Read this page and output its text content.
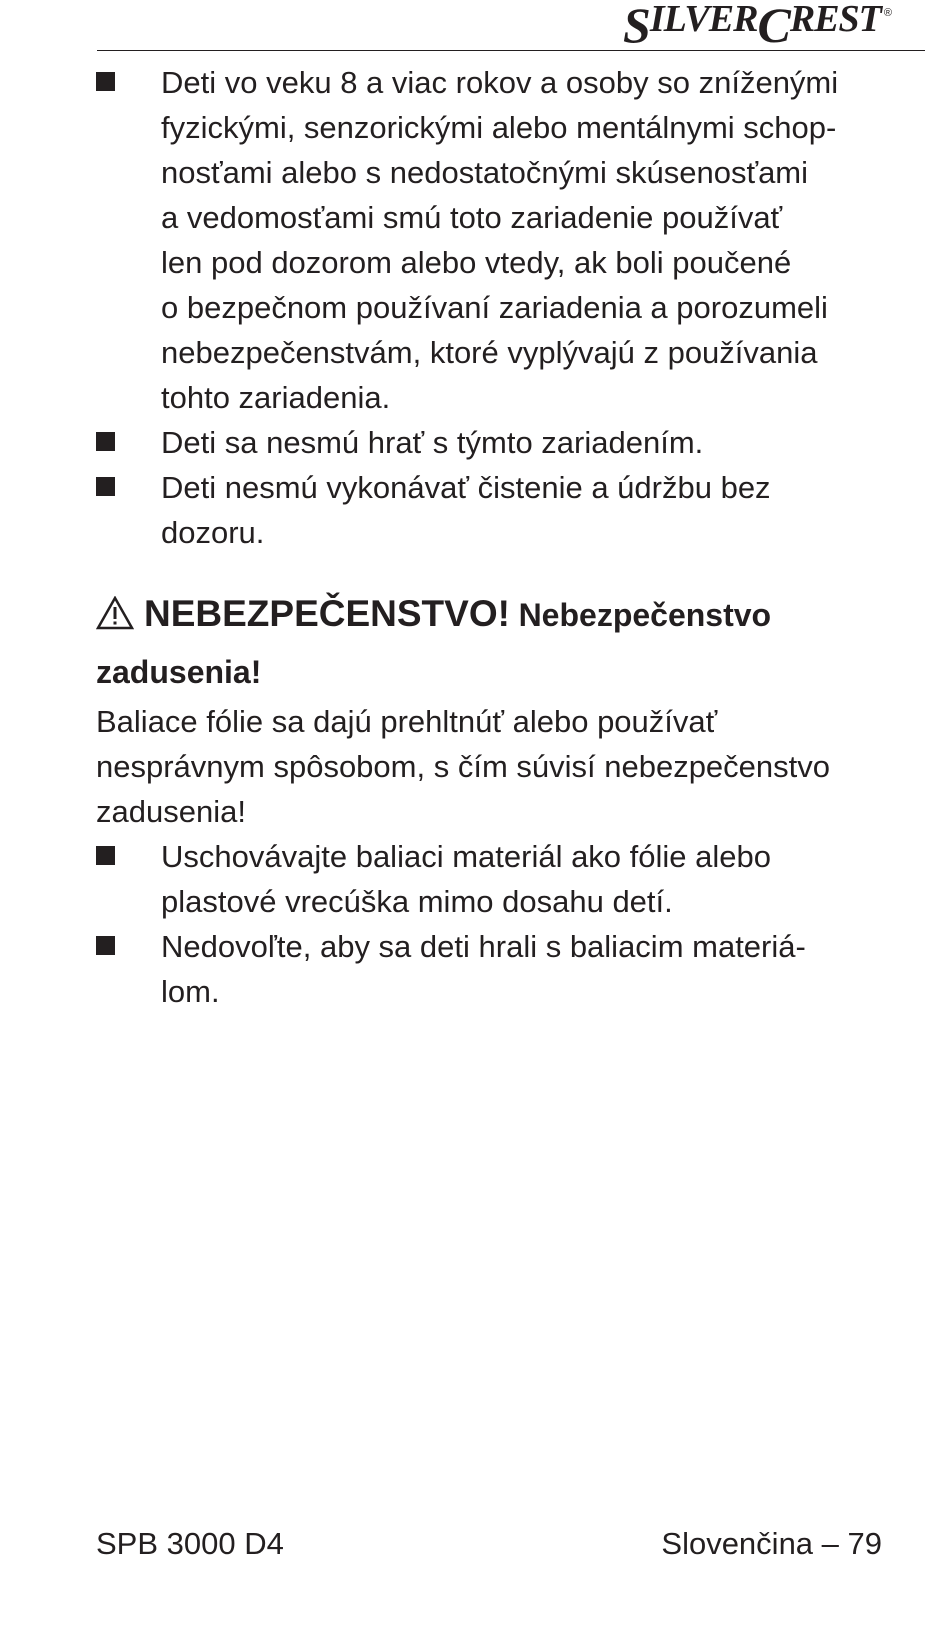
S ILVER C REST ®
Deti vo veku 8 a viac rokov a osoby so zníženými
fyzickými, senzorickými alebo mentálnymi schop-
nosťami alebo s nedostatočnými skúsenosťami
a vedomosťami smú toto zariadenie používať
len pod dozorom alebo vtedy, ak boli poučené
o bezpečnom používaní zariadenia a porozumeli
nebezpečenstvám, ktoré vyplývajú z používania
tohto zariadenia.
Deti sa nesmú hrať s týmto zariadením.
Deti nesmú vykonávať čistenie a údržbu bez
dozoru.
NEBEZPEČENSTVO! Nebezpečenstvo zadusenia!
Baliace fólie sa dajú prehltnúť alebo používať
nesprávnym spôsobom, s čím súvisí nebezpečenstvo
zadusenia!
Uschovávajte baliaci materiál ako fólie alebo
plastové vrecúška mimo dosahu detí.
Nedovoľte, aby sa deti hrali s baliacim materiá-
lom.
SPB 3000 D4	Slovenčina – 79
